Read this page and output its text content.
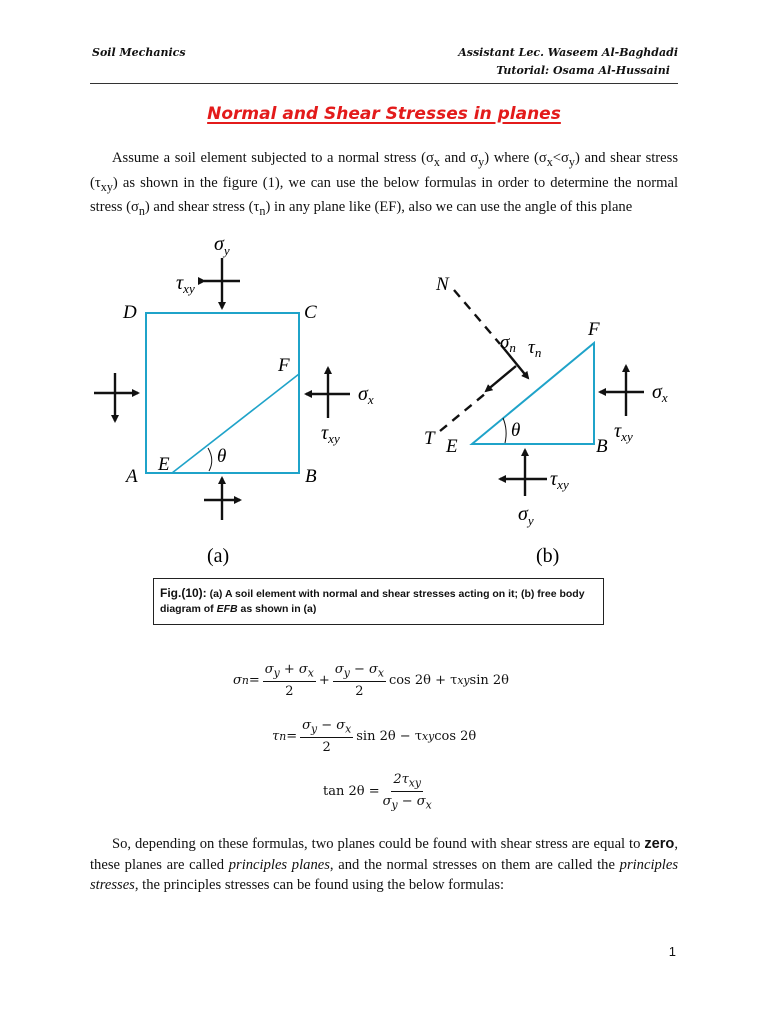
Soil Mechanics	Assistant Lec. Waseem Al-Baghdadi
Tutorial: Osama Al-Hussaini
Normal and Shear Stresses in planes

Assume a soil element subjected to a normal stress ($\sigma_x$ and $\sigma_y$) where $(\sigma_x<\sigma_y)$ and shear stress $(\tau_{xy})$ as shown in the figure (1), we can use the below formulas in order to determine the normal stress $(\sigma_n)$ and shear stress $(\tau_n)$ in any plane like (EF), also we can use the angle of this plane

$\sigma_y$
$\tau_{xy}$
D	C
A	B
E
F
θ
$\sigma_x$
$\tau_{xy}$
(a)
N
T
$\sigma_n$ $\tau_n$
F
E	B
θ
$\sigma_x$
$\tau_{xy}$
$\tau_{xy}$
$\sigma_y$
(b)
Fig.(10): (a) A soil element with normal and shear stresses acting on it; (b) free body diagram of EFB as shown in (a)
σ $n = \frac{\sigma_y + \sigma_x}{2} + \frac{\sigma_y - \sigma_x}{2}$ cos 2θ + τ xy sin 2θ
τ $n = \frac{\sigma_y - \sigma_x}{2}$ sin 2θ − τ xy cos 2θ
$\tan 2\theta = \frac{2\tau_{xy}}{\sigma_y - \sigma_x}$

So, depending on these formulas, two planes could be found with shear stress are equal to zero, these planes are called principles planes, and the normal stresses on them are called the principles stresses, the principles stresses can be found using the below formulas:

1
